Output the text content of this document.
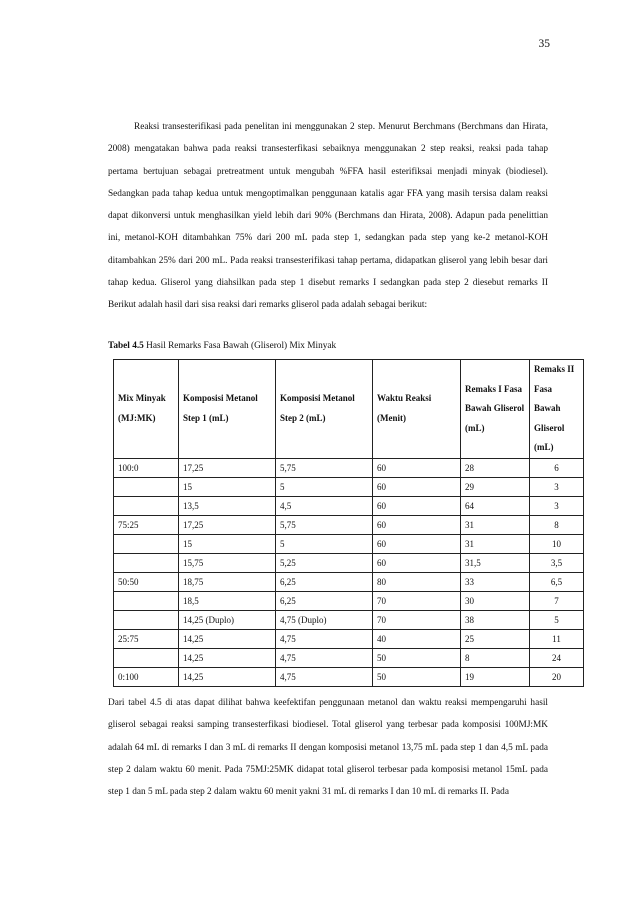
35

Reaksi transesterifikasi pada penelitan ini menggunakan 2 step. Menurut Berchmans (Berchmans dan Hirata, 2008) mengatakan bahwa pada reaksi transesterfikasi sebaiknya menggunakan 2 step reaksi, reaksi pada tahap pertama bertujuan sebagai pretreatment untuk mengubah %FFA hasil esterifiksai menjadi minyak (biodiesel). Sedangkan pada tahap kedua untuk mengoptimalkan penggunaan katalis agar FFA yang masih tersisa dalam reaksi dapat dikonversi untuk menghasilkan yield lebih dari 90% (Berchmans dan Hirata, 2008). Adapun pada penelittian ini, metanol-KOH ditambahkan 75% dari 200 mL pada step 1, sedangkan pada step yang ke-2 metanol-KOH ditambahkan 25% dari 200 mL. Pada reaksi transesterifikasi tahap pertama, didapatkan gliserol yang lebih besar dari tahap kedua. Gliserol yang diahsilkan pada step 1 disebut remarks I sedangkan pada step 2 diesebut remarks II Berikut adalah hasil dari sisa reaksi dari remarks gliserol pada adalah sebagai berikut:

Tabel 4.5 Hasil Remarks Fasa Bawah (Gliserol) Mix Minyak
Mix Minyak (MJ:MK)	Komposisi Metanol Step 1 (mL)	Komposisi Metanol Step 2 (mL)	Waktu Reaksi (Menit)	Remaks I Fasa Bawah Gliserol (mL)	Remaks II Fasa Bawah Gliserol (mL)
100:0	17,25	5,75	60	28	6
	15	5	60	29	3
	13,5	4,5	60	64	3
75:25	17,25	5,75	60	31	8
	15	5	60	31	10
	15,75	5,25	60	31,5	3,5
50:50	18,75	6,25	80	33	6,5
	18,5	6,25	70	30	7
	14,25 (Duplo)	4,75 (Duplo)	70	38	5
25:75	14,25	4,75	40	25	11
	14,25	4,75	50	8	24
0:100	14,25	4,75	50	19	20

Dari tabel 4.5 di atas dapat dilihat bahwa keefektifan penggunaan metanol dan waktu reaksi mempengaruhi hasil gliserol sebagai reaksi samping transesterfikasi biodiesel. Total gliserol yang terbesar pada komposisi 100MJ:MK adalah 64 mL di remarks I dan 3 mL di remarks II dengan komposisi metanol 13,75 mL pada step 1 dan 4,5 mL pada step 2 dalam waktu 60 menit. Pada 75MJ:25MK didapat total gliserol terbesar pada komposisi metanol 15mL pada step 1 dan 5 mL pada step 2 dalam waktu 60 menit yakni 31 mL di remarks I dan 10 mL di remarks II. Pada
